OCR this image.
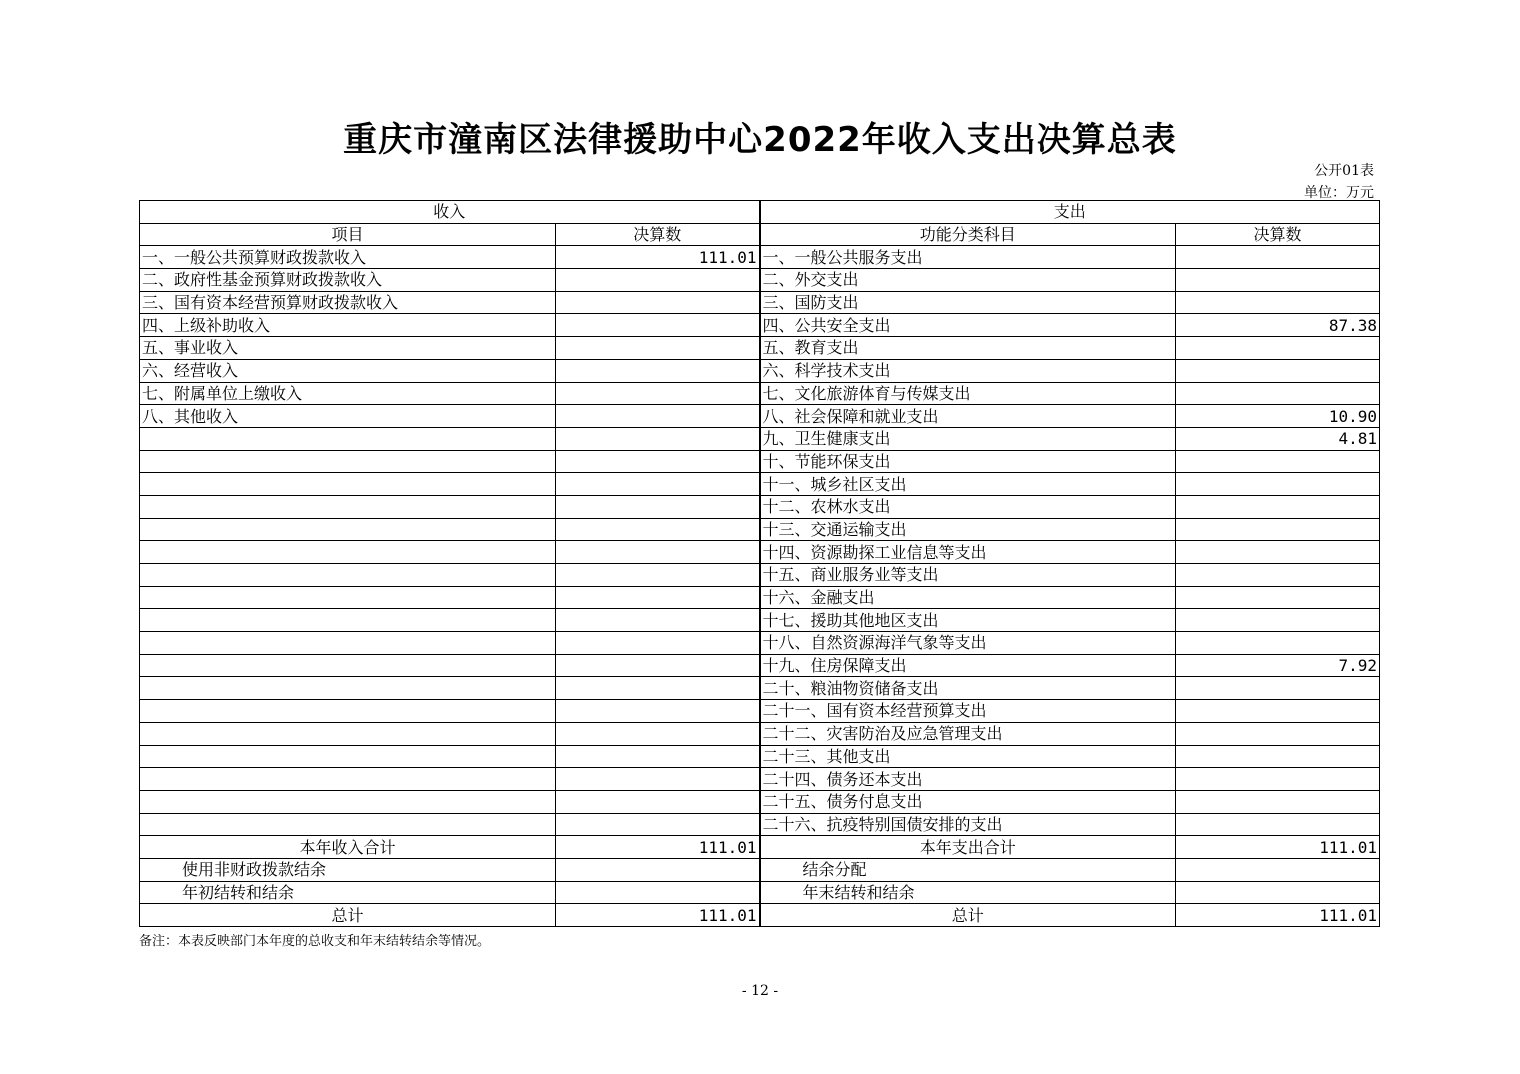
重庆市潼南区法律援助中心2022年收入支出决算总表
公开01表
单位：万元
收入		支出	
项目	决算数	功能分类科目	决算数
一、一般公共预算财政拨款收入	111.01	一、一般公共服务支出	
二、政府性基金预算财政拨款收入		二、外交支出	
三、国有资本经营预算财政拨款收入		三、国防支出	
四、上级补助收入		四、公共安全支出	87.38
五、事业收入		五、教育支出	
六、经营收入		六、科学技术支出	
七、附属单位上缴收入		七、文化旅游体育与传媒支出	
八、其他收入		八、社会保障和就业支出	10.90
		九、卫生健康支出	4.81
		十、节能环保支出	
		十一、城乡社区支出	
		十二、农林水支出	
		十三、交通运输支出	
		十四、资源勘探工业信息等支出	
		十五、商业服务业等支出	
		十六、金融支出	
		十七、援助其他地区支出	
		十八、自然资源海洋气象等支出	
		十九、住房保障支出	7.92
		二十、粮油物资储备支出	
		二十一、国有资本经营预算支出	
		二十二、灾害防治及应急管理支出	
		二十三、其他支出	
		二十四、债务还本支出	
		二十五、债务付息支出	
		二十六、抗疫特别国债安排的支出	
本年收入合计	111.01	本年支出合计	111.01
使用非财政拨款结余		结余分配	
年初结转和结余		年末结转和结余	
总计	111.01	总计	111.01
备注：本表反映部门本年度的总收支和年末结转结余等情况。
- 12 -
